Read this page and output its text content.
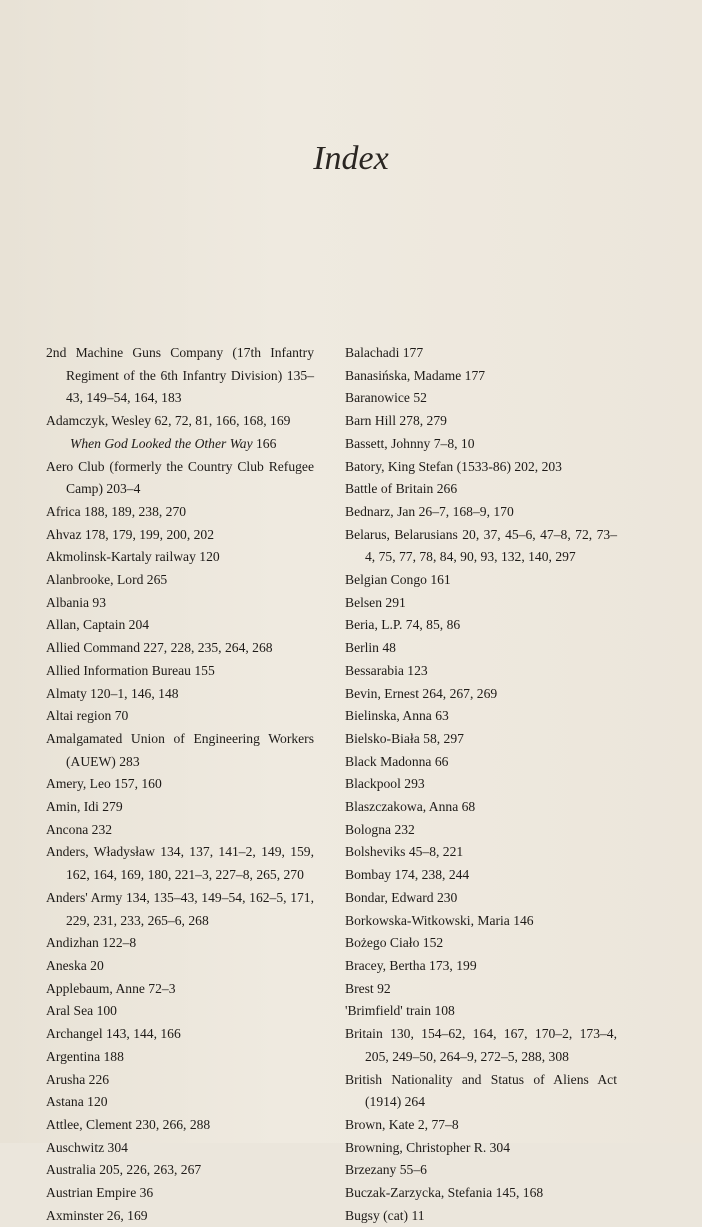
Index

2nd Machine Guns Company (17th Infantry Regiment of the 6th Infantry Division) 135–43, 149–54, 164, 183

Adamczyk, Wesley 62, 72, 81, 166, 168, 169

When God Looked the Other Way 166

Aero Club (formerly the Country Club Refugee Camp) 203–4

Africa 188, 189, 238, 270

Ahvaz 178, 179, 199, 200, 202

Akmolinsk-Kartaly railway 120

Alanbrooke, Lord 265

Albania 93

Allan, Captain 204

Allied Command 227, 228, 235, 264, 268

Allied Information Bureau 155

Almaty 120–1, 146, 148

Altai region 70

Amalgamated Union of Engineering Workers (AUEW) 283

Amery, Leo 157, 160

Amin, Idi 279

Ancona 232

Anders, Władysław 134, 137, 141–2, 149, 159, 162, 164, 169, 180, 221–3, 227–8, 265, 270

Anders' Army 134, 135–43, 149–54, 162–5, 171, 229, 231, 233, 265–6, 268

Andizhan 122–8

Aneska 20

Applebaum, Anne 72–3

Aral Sea 100

Archangel 143, 144, 166

Argentina 188

Arusha 226

Astana 120

Attlee, Clement 230, 266, 288

Auschwitz 304

Australia 205, 226, 263, 267

Austrian Empire 36

Axminster 26, 169

Balachadi 177

Banasińska, Madame 177

Baranowice 52

Barn Hill 278, 279

Bassett, Johnny 7–8, 10

Batory, King Stefan (1533-86) 202, 203

Battle of Britain 266

Bednarz, Jan 26–7, 168–9, 170

Belarus, Belarusians 20, 37, 45–6, 47–8, 72, 73–4, 75, 77, 78, 84, 90, 93, 132, 140, 297

Belgian Congo 161

Belsen 291

Beria, L.P. 74, 85, 86

Berlin 48

Bessarabia 123

Bevin, Ernest 264, 267, 269

Bielinska, Anna 63

Bielsko-Biała 58, 297

Black Madonna 66

Blackpool 293

Blaszczakowa, Anna 68

Bologna 232

Bolsheviks 45–8, 221

Bombay 174, 238, 244

Bondar, Edward 230

Borkowska-Witkowski, Maria 146

Bożego Ciało 152

Bracey, Bertha 173, 199

Brest 92

'Brimfield' train 108

Britain 130, 154–62, 164, 167, 170–2, 173–4, 205, 249–50, 264–9, 272–5, 288, 308

British Nationality and Status of Aliens Act (1914) 264

Brown, Kate 2, 77–8

Browning, Christopher R. 304

Brzezany 55–6

Buczak-Zarzycka, Stefania 145, 168

Bugsy (cat) 11
